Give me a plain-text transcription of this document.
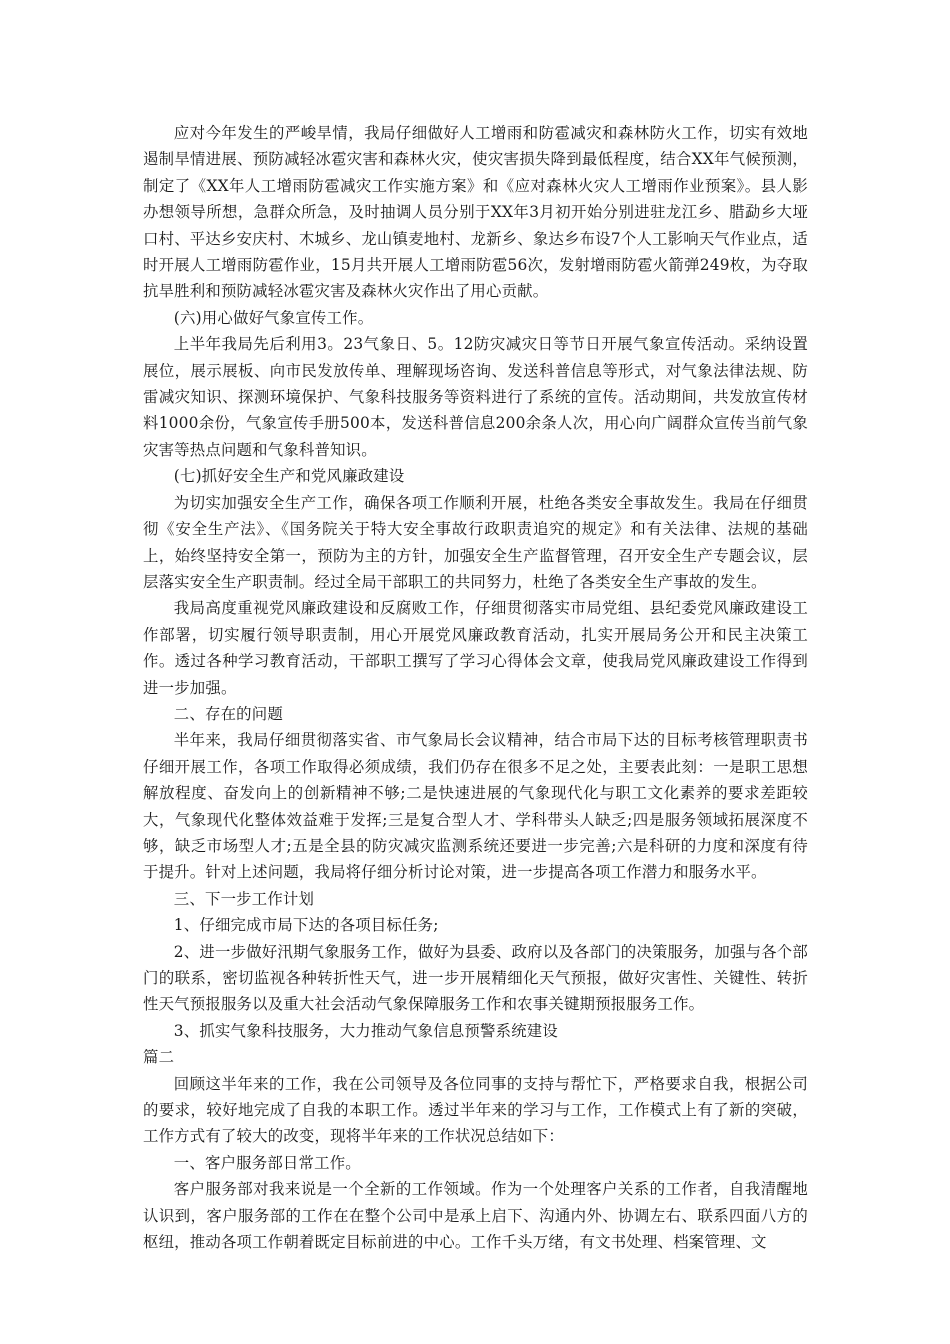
应对今年发生的严峻旱情，我局仔细做好人工增雨和防雹减灾和森林防火工作，切实有效地遏制旱情进展、预防减轻冰雹灾害和森林火灾，使灾害损失降到最低程度，结合XX年气候预测，制定了《XX年人工增雨防雹减灾工作实施方案》和《应对森林火灾人工增雨作业预案》。县人影办想领导所想，急群众所急，及时抽调人员分别于XX年3月初开始分别进驻龙江乡、腊勐乡大垭口村、平达乡安庆村、木城乡、龙山镇麦地村、龙新乡、象达乡布设7个人工影响天气作业点，适时开展人工增雨防雹作业，15月共开展人工增雨防雹56次，发射增雨防雹火箭弹249枚，为夺取抗旱胜利和预防减轻冰雹灾害及森林火灾作出了用心贡献。

(六)用心做好气象宣传工作。

上半年我局先后利用3。23气象日、5。12防灾减灾日等节日开展气象宣传活动。采纳设置展位，展示展板、向市民发放传单、理解现场咨询、发送科普信息等形式，对气象法律法规、防雷减灾知识、探测环境保护、气象科技服务等资料进行了系统的宣传。活动期间，共发放宣传材料1000余份，气象宣传手册500本，发送科普信息200余条人次，用心向广阔群众宣传当前气象灾害等热点问题和气象科普知识。

(七)抓好安全生产和党风廉政建设

为切实加强安全生产工作，确保各项工作顺利开展，杜绝各类安全事故发生。我局在仔细贯彻《安全生产法》、《国务院关于特大安全事故行政职责追究的规定》和有关法律、法规的基础上，始终坚持安全第一，预防为主的方针，加强安全生产监督管理，召开安全生产专题会议，层层落实安全生产职责制。经过全局干部职工的共同努力，杜绝了各类安全生产事故的发生。

我局高度重视党风廉政建设和反腐败工作，仔细贯彻落实市局党组、县纪委党风廉政建设工作部署，切实履行领导职责制，用心开展党风廉政教育活动，扎实开展局务公开和民主决策工作。透过各种学习教育活动，干部职工撰写了学习心得体会文章，使我局党风廉政建设工作得到进一步加强。

二、存在的问题

半年来，我局仔细贯彻落实省、市气象局长会议精神，结合市局下达的目标考核管理职责书仔细开展工作，各项工作取得必须成绩，我们仍存在很多不足之处，主要表此刻：一是职工思想解放程度、奋发向上的创新精神不够;二是快速进展的气象现代化与职工文化素养的要求差距较大，气象现代化整体效益难于发挥;三是复合型人才、学科带头人缺乏;四是服务领域拓展深度不够，缺乏市场型人才;五是全县的防灾减灾监测系统还要进一步完善;六是科研的力度和深度有待于提升。针对上述问题，我局将仔细分析讨论对策，进一步提高各项工作潜力和服务水平。

三、下一步工作计划

1、仔细完成市局下达的各项目标任务;

2、进一步做好汛期气象服务工作，做好为县委、政府以及各部门的决策服务，加强与各个部门的联系，密切监视各种转折性天气，进一步开展精细化天气预报，做好灾害性、关键性、转折性天气预报服务以及重大社会活动气象保障服务工作和农事关键期预报服务工作。

3、抓实气象科技服务，大力推动气象信息预警系统建设

篇二

回顾这半年来的工作，我在公司领导及各位同事的支持与帮忙下，严格要求自我，根据公司的要求，较好地完成了自我的本职工作。透过半年来的学习与工作，工作模式上有了新的突破，工作方式有了较大的改变，现将半年来的工作状况总结如下：

一、客户服务部日常工作。

客户服务部对我来说是一个全新的工作领域。作为一个处理客户关系的工作者，自我清醒地认识到，客户服务部的工作在在整个公司中是承上启下、沟通内外、协调左右、联系四面八方的枢纽，推动各项工作朝着既定目标前进的中心。工作千头万绪，有文书处理、档案管理、文
